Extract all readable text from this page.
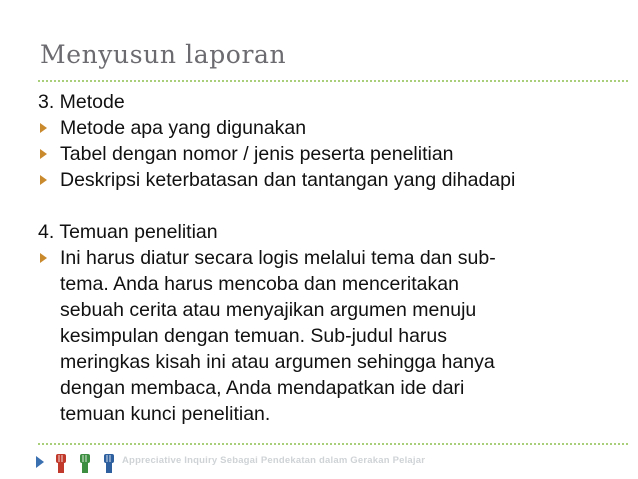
Menyusun laporan

3. Metode

Metode apa yang digunakan

Tabel dengan nomor / jenis peserta penelitian

Deskripsi keterbatasan dan tantangan yang dihadapi

4. Temuan penelitian

Ini harus diatur secara logis melalui tema dan sub-
tema. Anda harus mencoba dan menceritakan
sebuah cerita atau menyajikan argumen menuju
kesimpulan dengan temuan. Sub-judul harus
meringkas kisah ini atau argumen sehingga hanya
dengan membaca, Anda mendapatkan ide dari
temuan kunci penelitian.
Appreciative Inquiry Sebagai Pendekatan dalam Gerakan Pelajar
